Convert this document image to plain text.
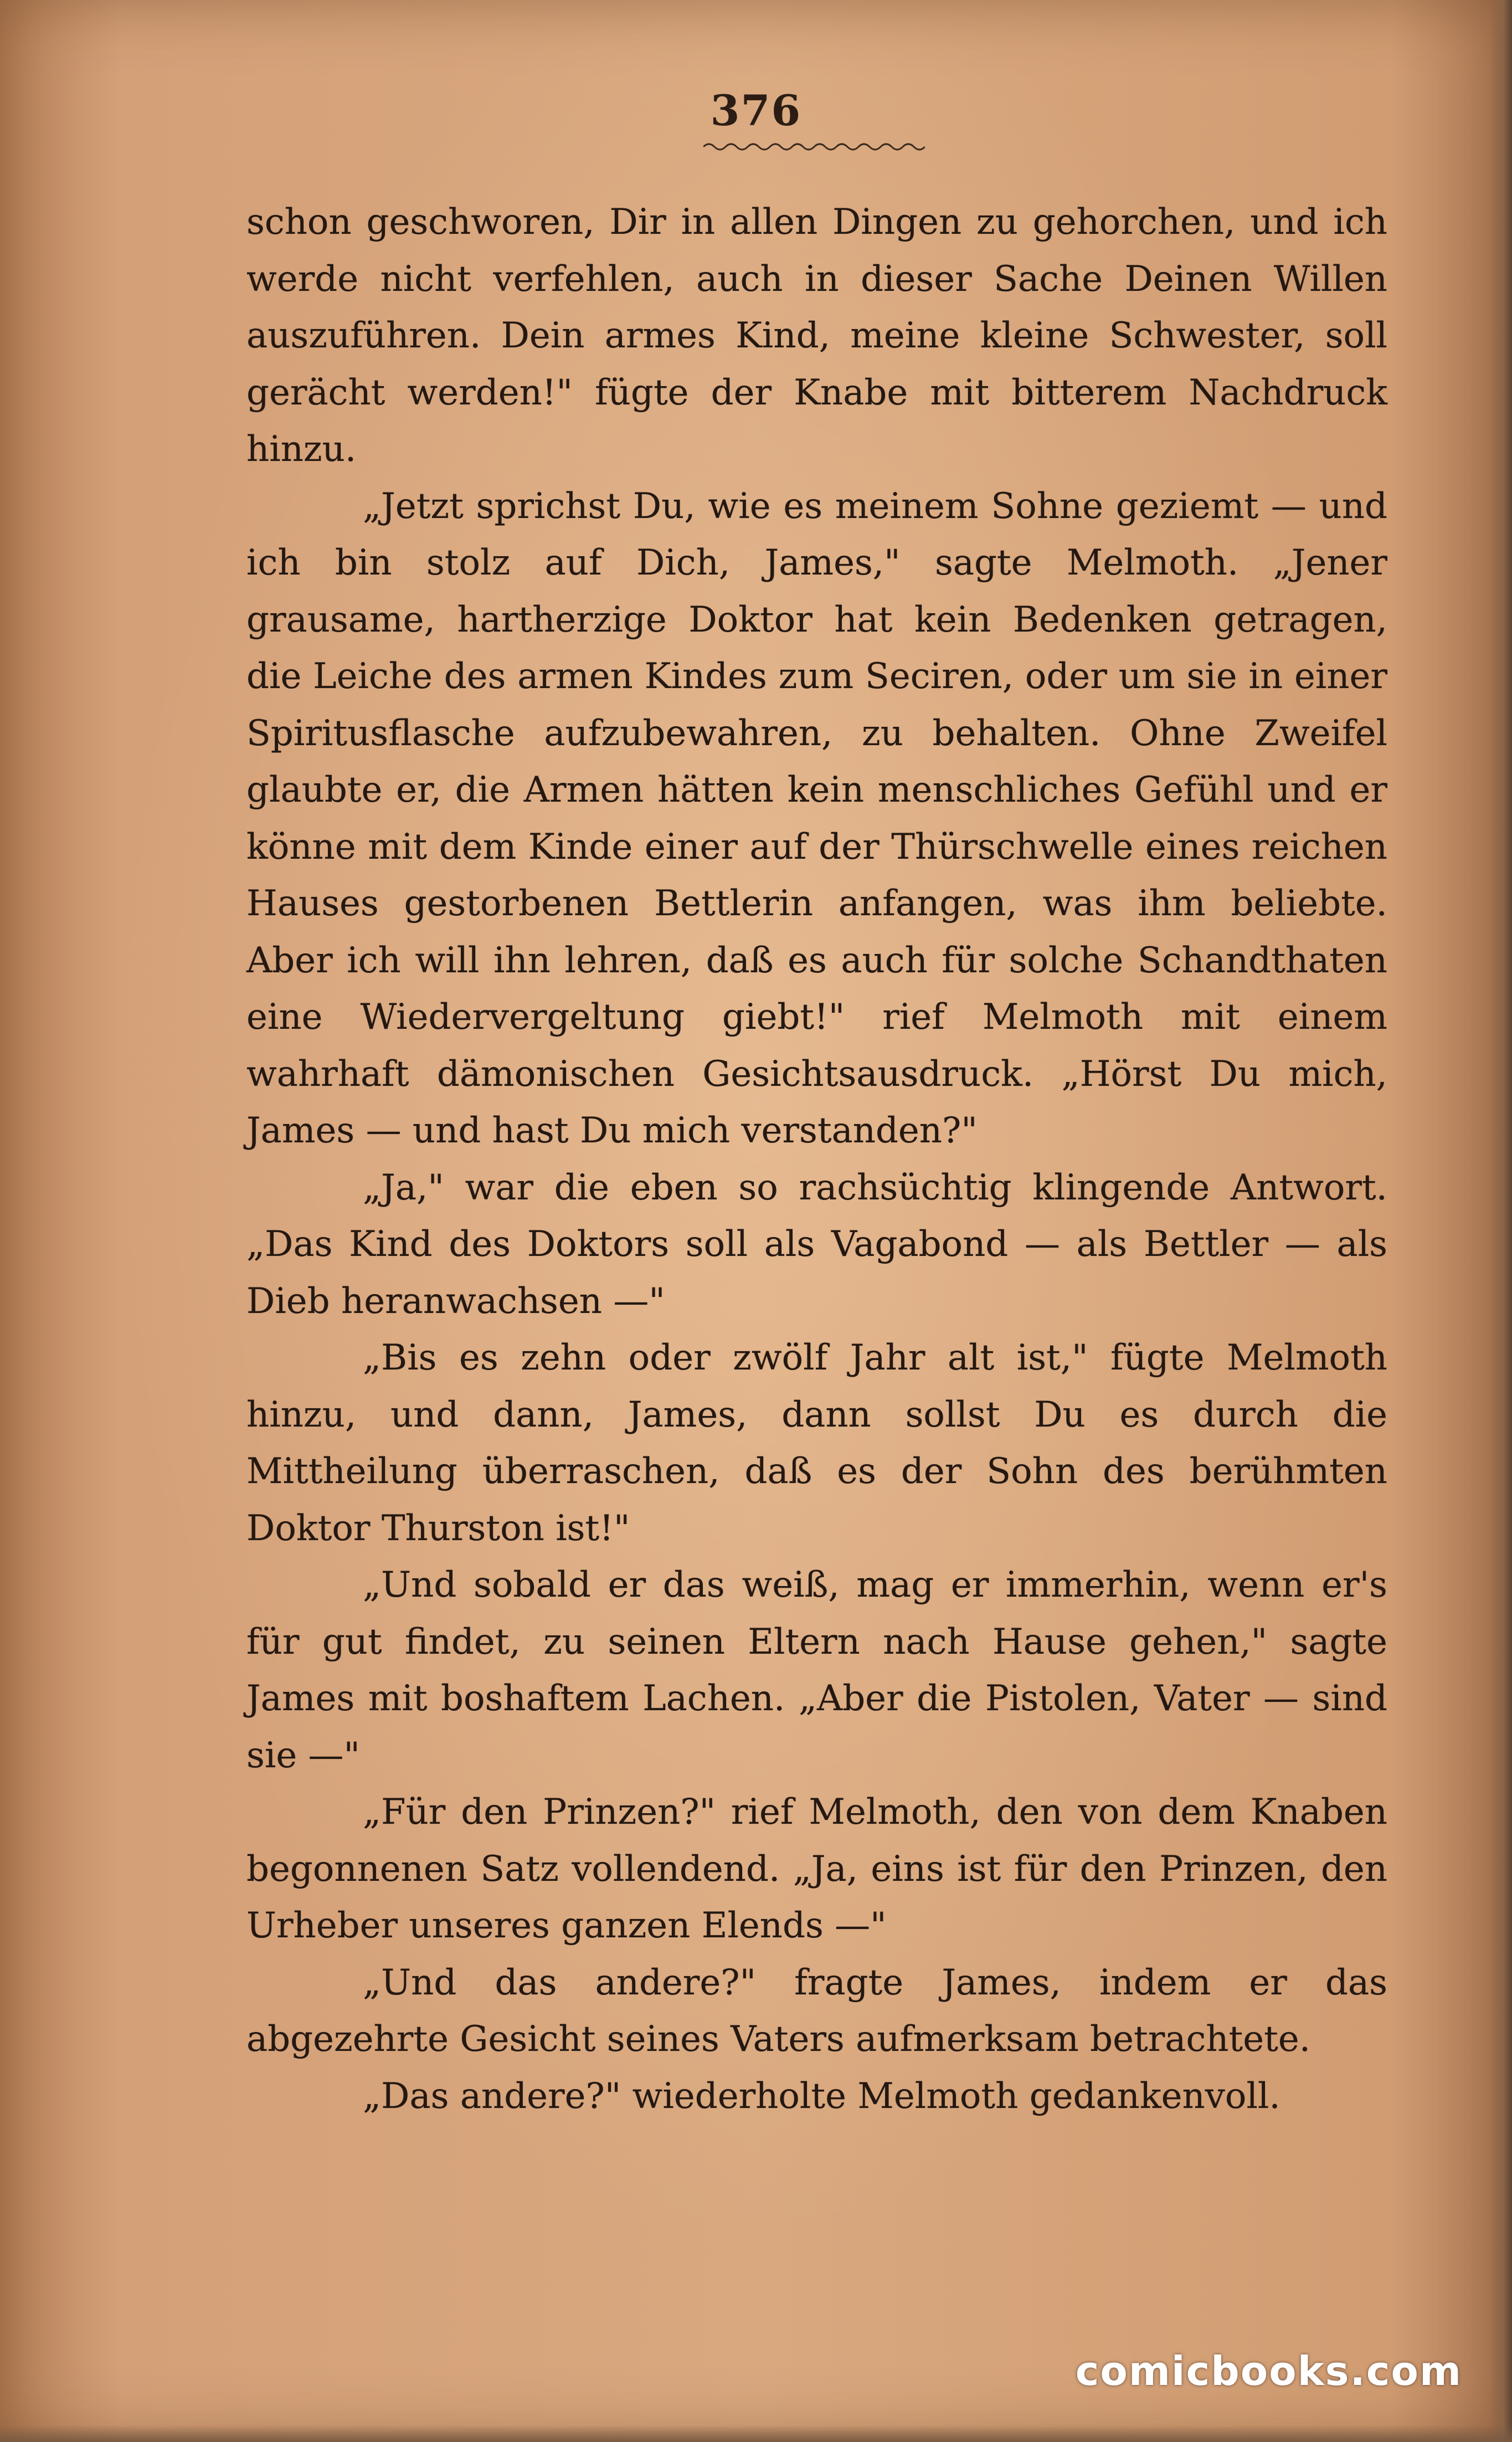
376

schon geschworen, Dir in allen Dingen zu gehorchen, und ich werde nicht verfehlen, auch in dieser Sache Deinen Willen auszuführen. Dein armes Kind, meine kleine Schwester, soll gerächt werden!" fügte der Knabe mit bitterem Nachdruck hinzu.

„Jetzt sprichst Du, wie es meinem Sohne geziemt — und ich bin stolz auf Dich, James," sagte Melmoth. „Jener grausame, hartherzige Doktor hat kein Bedenken getragen, die Leiche des armen Kindes zum Seciren, oder um sie in einer Spiritusflasche aufzubewahren, zu behalten. Ohne Zweifel glaubte er, die Armen hätten kein menschliches Gefühl und er könne mit dem Kinde einer auf der Thürschwelle eines reichen Hauses gestorbenen Bettlerin anfangen, was ihm beliebte. Aber ich will ihn lehren, daß es auch für solche Schandthaten eine Wiedervergeltung giebt!" rief Melmoth mit einem wahrhaft dämonischen Gesichtsausdruck. „Hörst Du mich, James — und hast Du mich verstanden?"

„Ja," war die eben so rachsüchtig klingende Antwort. „Das Kind des Doktors soll als Vagabond — als Bettler — als Dieb heranwachsen —"

„Bis es zehn oder zwölf Jahr alt ist," fügte Melmoth hinzu, und dann, James, dann sollst Du es durch die Mittheilung überraschen, daß es der Sohn des berühmten Doktor Thurston ist!"

„Und sobald er das weiß, mag er immerhin, wenn er's für gut findet, zu seinen Eltern nach Hause gehen," sagte James mit boshaftem Lachen. „Aber die Pistolen, Vater — sind sie —"

„Für den Prinzen?" rief Melmoth, den von dem Knaben begonnenen Satz vollendend. „Ja, eins ist für den Prinzen, den Urheber unseres ganzen Elends —"

„Und das andere?" fragte James, indem er das abgezehrte Gesicht seines Vaters aufmerksam betrachtete.

„Das andere?" wiederholte Melmoth gedankenvoll.

comicbooks.com
